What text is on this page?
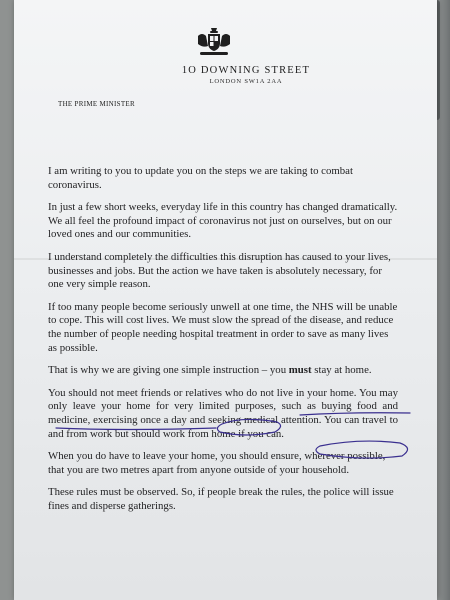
1O DOWNING STREET
LONDON SW1A 2AA
THE PRIME MINISTER

I am writing to you to update you on the steps we are taking to combat coronavirus.

In just a few short weeks, everyday life in this country has changed dramatically. We all feel the profound impact of coronavirus not just on ourselves, but on our loved ones and our communities.

I understand completely the difficulties this disruption has caused to your lives, businesses and jobs. But the action we have taken is absolutely necessary, for one very simple reason.

If too many people become seriously unwell at one time, the NHS will be unable to cope. This will cost lives. We must slow the spread of the disease, and reduce the number of people needing hospital treatment in order to save as many lives as possible.

That is why we are giving one simple instruction – you must stay at home.

You should not meet friends or relatives who do not live in your home. You may only leave your home for very limited purposes, such as buying food and medicine, exercising once a day and seeking medical attention. You can travel to and from work but should work from home if you can.

When you do have to leave your home, you should ensure, wherever possible, that you are two metres apart from anyone outside of your household.

These rules must be observed. So, if people break the rules, the police will issue fines and disperse gatherings.
